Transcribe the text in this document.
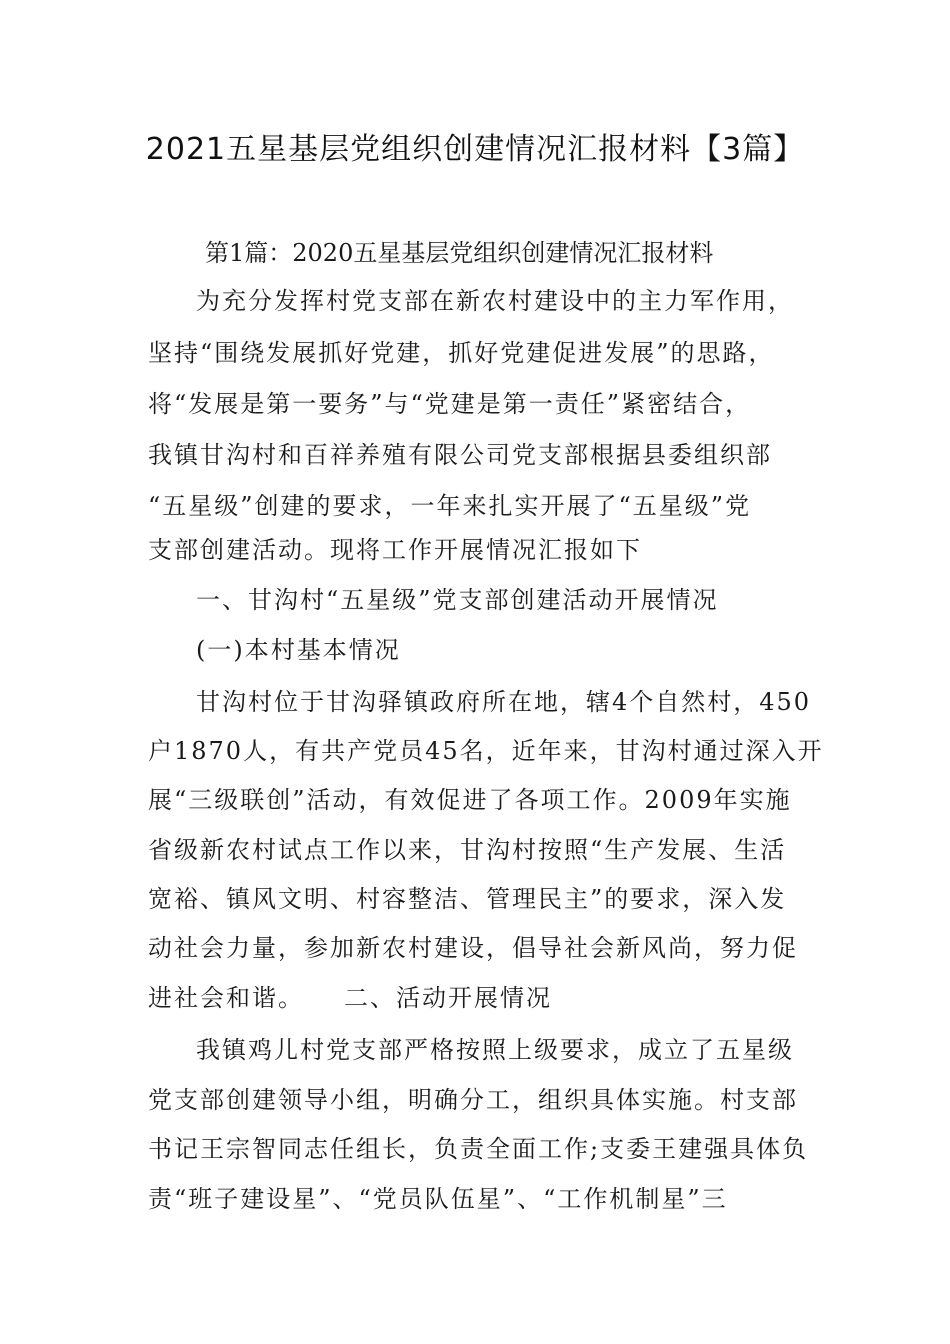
2021五星基层党组织创建情况汇报材料【3篇】
第1篇：2020五星基层党组织创建情况汇报材料
为充分发挥村党支部在新农村建设中的主力军作用，
坚持“围绕发展抓好党建，抓好党建促进发展”的思路，
将“发展是第一要务”与“党建是第一责任”紧密结合，
我镇甘沟村和百祥养殖有限公司党支部根据县委组织部
“五星级”创建的要求，一年来扎实开展了“五星级”党
支部创建活动。现将工作开展情况汇报如下
一、甘沟村“五星级”党支部创建活动开展情况
(一)本村基本情况
甘沟村位于甘沟驿镇政府所在地，辖4个自然村，450
户1870人，有共产党员45名，近年来，甘沟村通过深入开
展“三级联创”活动，有效促进了各项工作。2009年实施
省级新农村试点工作以来，甘沟村按照“生产发展、生活
宽裕、镇风文明、村容整洁、管理民主”的要求，深入发
动社会力量，参加新农村建设，倡导社会新风尚，努力促
进社会和谐。 二、活动开展情况
我镇鸡儿村党支部严格按照上级要求，成立了五星级
党支部创建领导小组，明确分工，组织具体实施。村支部
书记王宗智同志任组长，负责全面工作;支委王建强具体负
责“班子建设星”、“党员队伍星”、“工作机制星”三
